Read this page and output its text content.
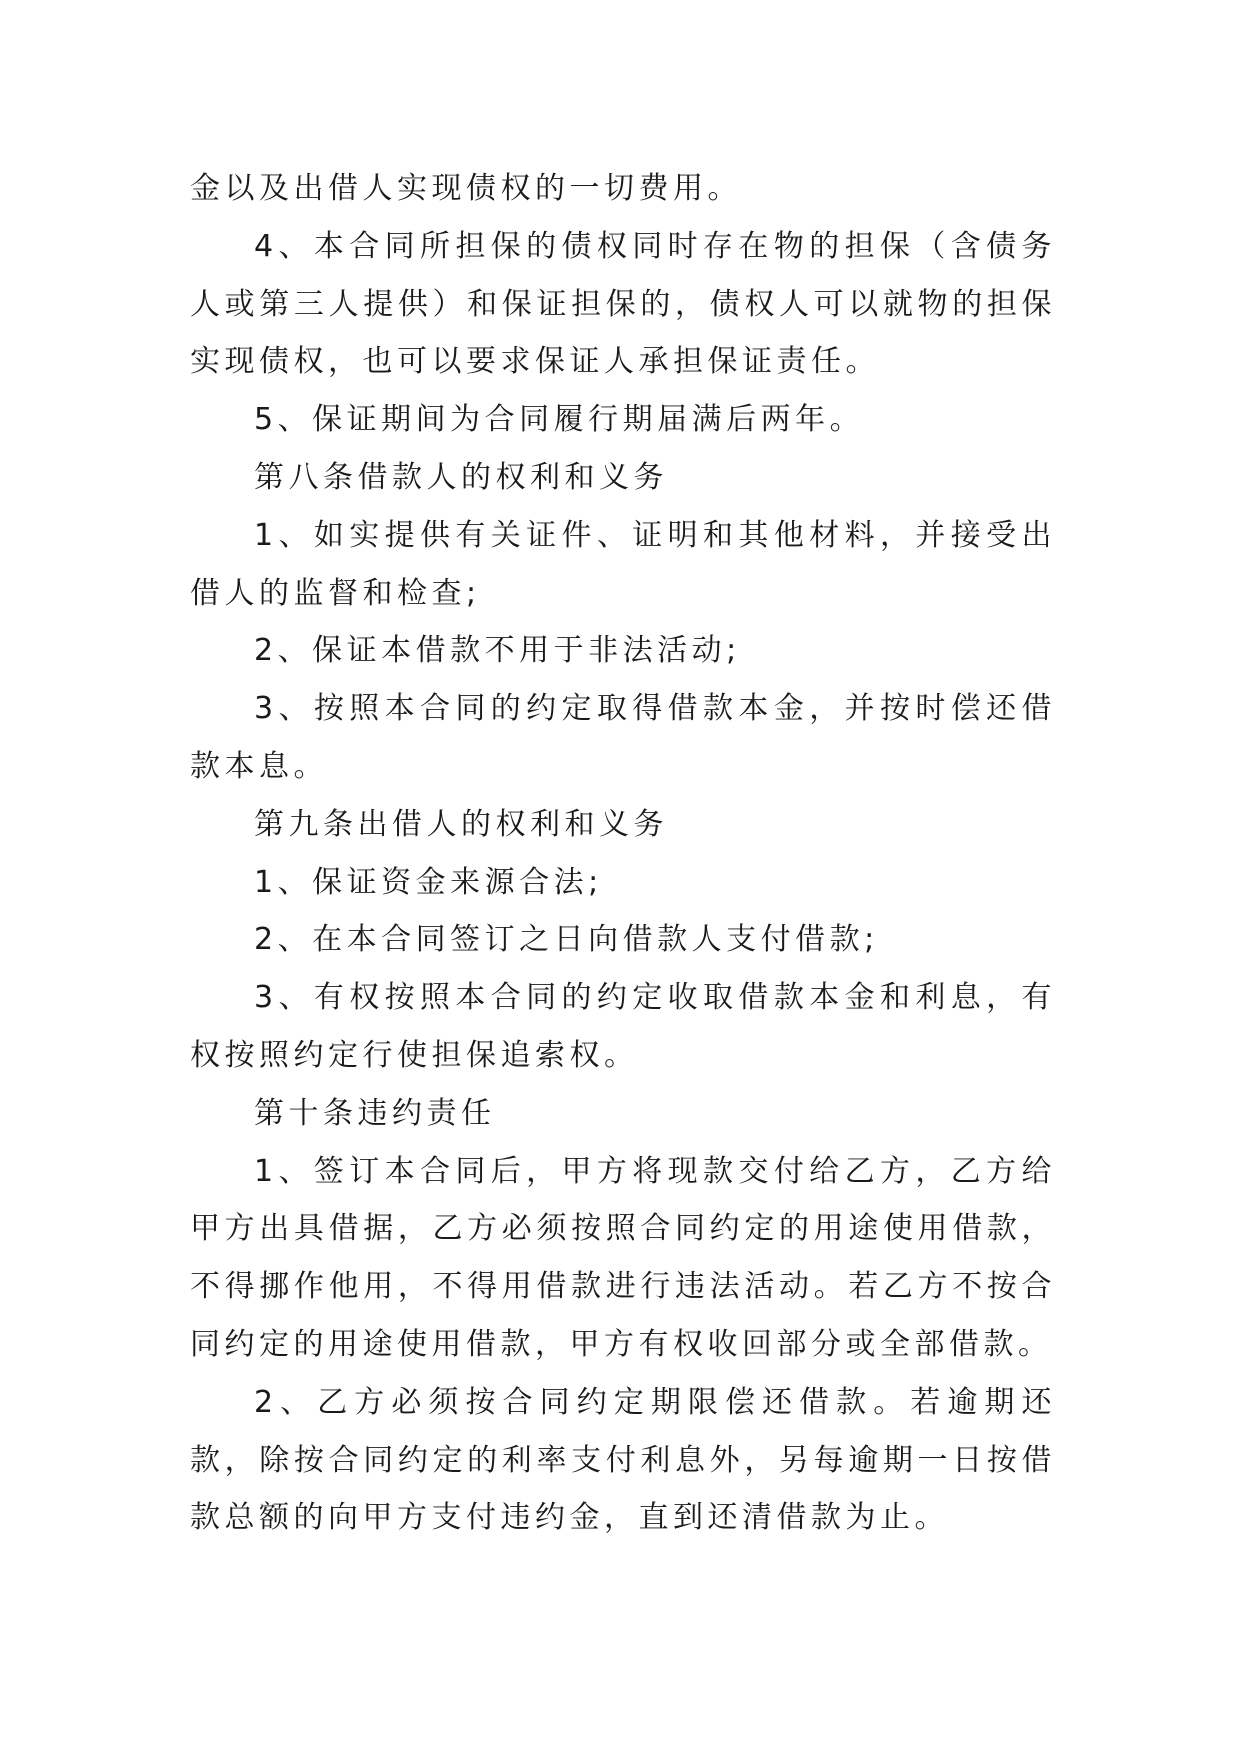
金以及出借人实现债权的一切费用。

4、本合同所担保的债权同时存在物的担保（含债务人或第三人提供）和保证担保的，债权人可以就物的担保实现债权，也可以要求保证人承担保证责任。

5、保证期间为合同履行期届满后两年。

第八条借款人的权利和义务

1、如实提供有关证件、证明和其他材料，并接受出借人的监督和检查;

2、保证本借款不用于非法活动;

3、按照本合同的约定取得借款本金，并按时偿还借款本息。

第九条出借人的权利和义务

1、保证资金来源合法;

2、在本合同签订之日向借款人支付借款;

3、有权按照本合同的约定收取借款本金和利息，有权按照约定行使担保追索权。

第十条违约责任

1、签订本合同后，甲方将现款交付给乙方，乙方给甲方出具借据，乙方必须按照合同约定的用途使用借款，不得挪作他用，不得用借款进行违法活动。若乙方不按合同约定的用途使用借款，甲方有权收回部分或全部借款。

2、乙方必须按合同约定期限偿还借款。若逾期还款，除按合同约定的利率支付利息外，另每逾期一日按借款总额的向甲方支付违约金，直到还清借款为止。
